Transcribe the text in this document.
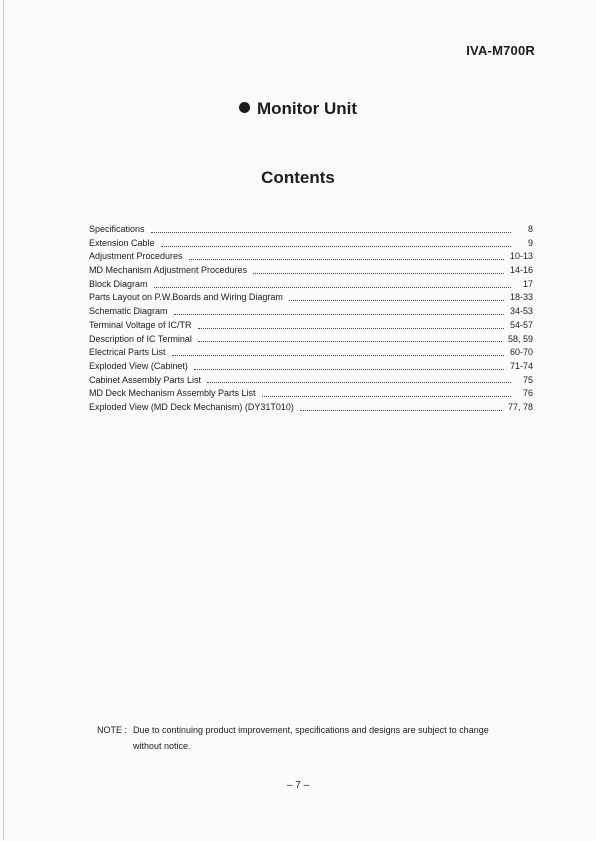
IVA-M700R
Monitor Unit
Contents
Specifications	8
Extension Cable	9
Adjustment Procedures	10-13
MD Mechanism Adjustment Procedures	14-16
Block Diagram	17
Parts Layout on P.W.Boards and Wiring Diagram	18-33
Schematic Diagram	34-53
Terminal Voltage of IC/TR	54-57
Description of IC Terminal	58, 59
Electrical Parts List	60-70
Exploded View (Cabinet)	71-74
Cabinet Assembly Parts List	75
MD Deck Mechanism Assembly Parts List	76
Exploded View (MD Deck Mechanism) (DY31T010)	77, 78
NOTE : Due to continuing product improvement, specifications and designs are subject to change without notice.
– 7 –
